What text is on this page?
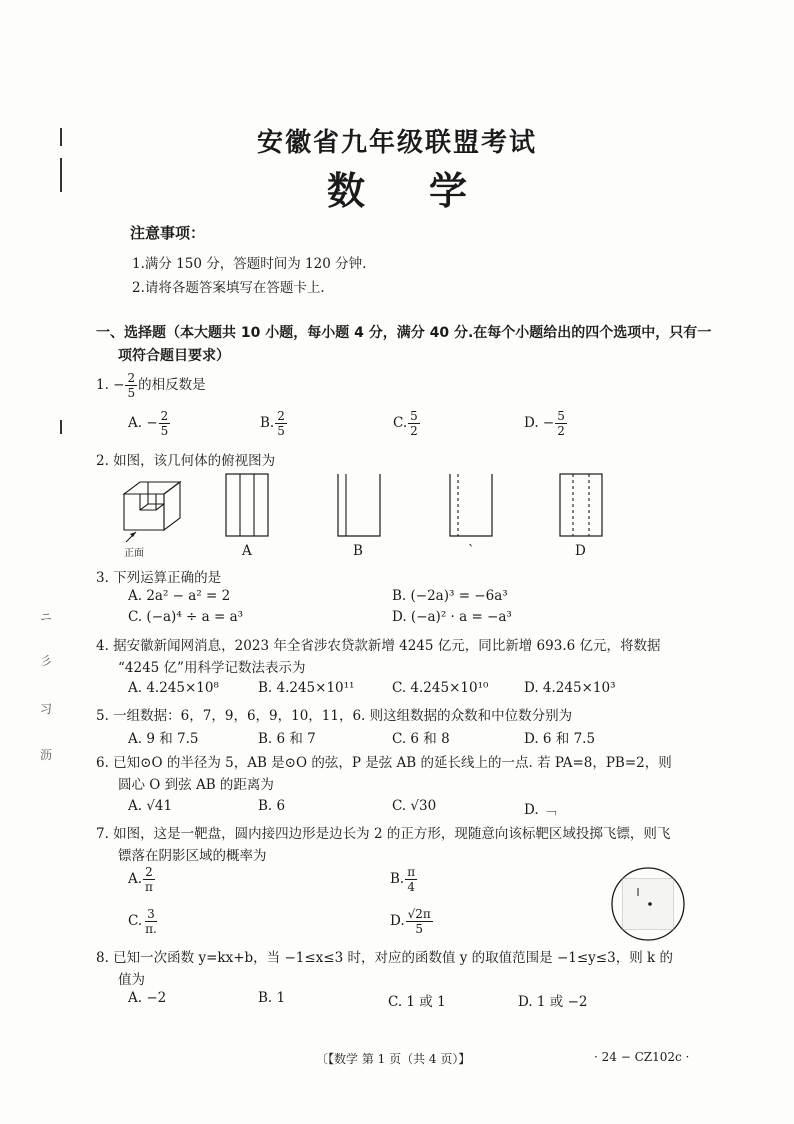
ニ
彡
习
沥
安徽省九年级联盟考试
数学
注意事项：
1.满分 150 分，答题时间为 120 分钟.
2.请将各题答案填写在答题卡上.
一、选择题（本大题共 10 小题，每小题 4 分，满分 40 分.在每个小题给出的四个选项中，只有一
项符合题目要求）
1. − $\frac{2}{5}$ 的相反数是
A. − $\frac{2}{5}$	B. $\frac{2}{5}$	C. $\frac{5}{2}$	D. − $\frac{5}{2}$
2. 如图，该几何体的俯视图为
正面	A	B	`	D
3. 下列运算正确的是
A. 2a² − a² = 2	B. (−2a)³ = −6a³
C. (−a)⁴ ÷ a = a³	D. (−a)² · a = −a³
4. 据安徽新闻网消息，2023 年全省涉农贷款新增 4245 亿元，同比新增 693.6 亿元，将数据
“4245 亿”用科学记数法表示为
A. 4.245×10⁸	B. 4.245×10¹¹	C. 4.245×10¹⁰	D. 4.245×10³
5. 一组数据：6，7，9，6，9，10，11，6. 则这组数据的众数和中位数分别为
A. 9 和 7.5	B. 6 和 7	C. 6 和 8	D. 6 和 7.5
6. 已知⊙O 的半径为 5，AB 是⊙O 的弦，P 是弦 AB 的延长线上的一点. 若 PA=8，PB=2，则
圆心 O 到弦 AB 的距离为
A. √41	B. 6	C. √30	D. ﹁
7. 如图，这是一靶盘，圆内接四边形是边长为 2 的正方形，现随意向该标靶区域投掷飞镖，则飞
镖落在阴影区域的概率为
A. $\frac{2}{\pi}$	B. $\frac{\pi}{4}$
C. $\frac{3}{\pi.}$	D. $\frac{√2\pi}{5}$
8. 已知一次函数 y=kx+b，当 −1≤x≤3 时，对应的函数值 y 的取值范围是 −1≤y≤3，则 k 的
值为
A. −2	B. 1	C. 1 或 1	D. 1 或 −2
〔【数学 第 1 页（共 4 页）】	· 24 − CZ102c ·
